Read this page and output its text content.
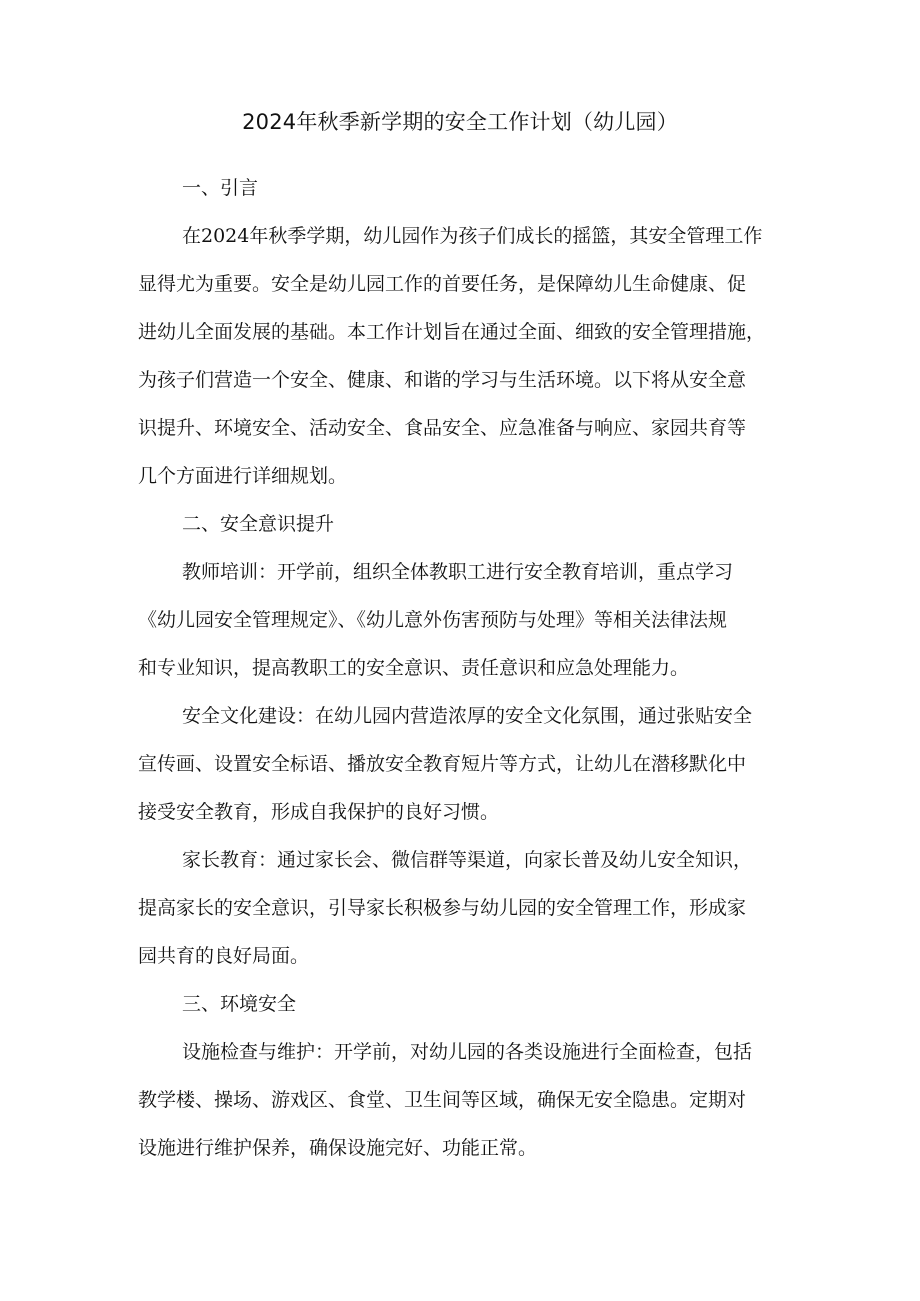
2024年秋季新学期的安全工作计划（幼儿园）
一、引言
在2024年秋季学期，幼儿园作为孩子们成长的摇篮，其安全管理工作
显得尤为重要。安全是幼儿园工作的首要任务，是保障幼儿生命健康、促
进幼儿全面发展的基础。本工作计划旨在通过全面、细致的安全管理措施，
为孩子们营造一个安全、健康、和谐的学习与生活环境。以下将从安全意
识提升、环境安全、活动安全、食品安全、应急准备与响应、家园共育等
几个方面进行详细规划。
二、安全意识提升
教师培训：开学前，组织全体教职工进行安全教育培训，重点学习
《幼儿园安全管理规定》、《幼儿意外伤害预防与处理》等相关法律法规
和专业知识，提高教职工的安全意识、责任意识和应急处理能力。
安全文化建设：在幼儿园内营造浓厚的安全文化氛围，通过张贴安全
宣传画、设置安全标语、播放安全教育短片等方式，让幼儿在潜移默化中
接受安全教育，形成自我保护的良好习惯。
家长教育：通过家长会、微信群等渠道，向家长普及幼儿安全知识，
提高家长的安全意识，引导家长积极参与幼儿园的安全管理工作，形成家
园共育的良好局面。
三、环境安全
设施检查与维护：开学前，对幼儿园的各类设施进行全面检查，包括
教学楼、操场、游戏区、食堂、卫生间等区域，确保无安全隐患。定期对
设施进行维护保养，确保设施完好、功能正常。
